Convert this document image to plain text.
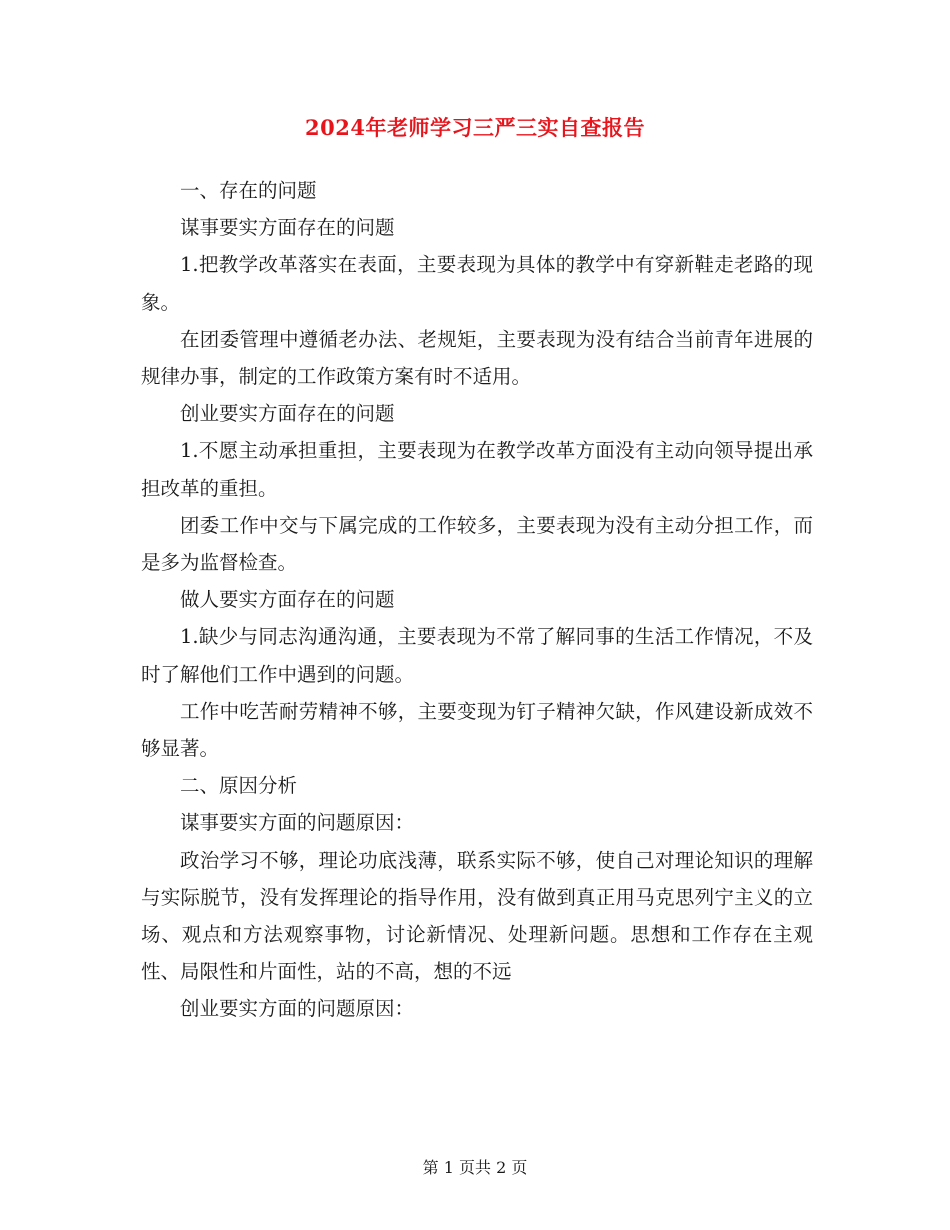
2024年老师学习三严三实自查报告

一、存在的问题

谋事要实方面存在的问题

1.把教学改革落实在表面，主要表现为具体的教学中有穿新鞋走老路的现象。

在团委管理中遵循老办法、老规矩，主要表现为没有结合当前青年进展的规律办事，制定的工作政策方案有时不适用。

创业要实方面存在的问题

1.不愿主动承担重担，主要表现为在教学改革方面没有主动向领导提出承担改革的重担。

团委工作中交与下属完成的工作较多，主要表现为没有主动分担工作，而是多为监督检查。

做人要实方面存在的问题

1.缺少与同志沟通沟通，主要表现为不常了解同事的生活工作情况，不及时了解他们工作中遇到的问题。

工作中吃苦耐劳精神不够，主要变现为钉子精神欠缺，作风建设新成效不够显著。

二、原因分析

谋事要实方面的问题原因：

政治学习不够，理论功底浅薄，联系实际不够，使自己对理论知识的理解与实际脱节，没有发挥理论的指导作用，没有做到真正用马克思列宁主义的立场、观点和方法观察事物，讨论新情况、处理新问题。思想和工作存在主观性、局限性和片面性，站的不高，想的不远

创业要实方面的问题原因：

第 1 页共 2 页
